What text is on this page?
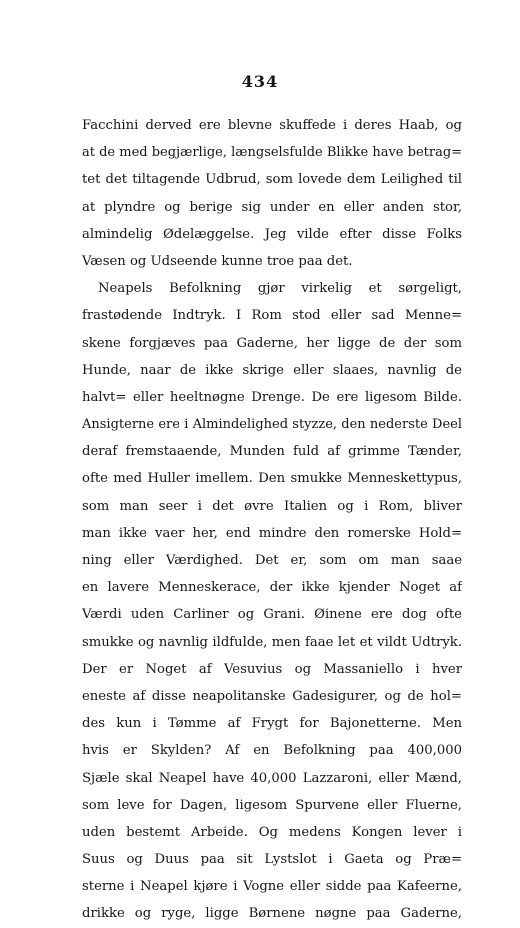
434
Facchini derved ere blevne skuffede i deres Haab, og
at de med begjærlige, længselsfulde Blikke have betrag=
tet det tiltagende Udbrud, som lovede dem Leilighed til
at plyndre og berige sig under en eller anden stor,
almindelig Ødelæggelse. Jeg vilde efter disse Folks
Væsen og Udseende kunne troe paa det.
Neapels Befolkning gjør virkelig et sørgeligt,
frastødende Indtryk. I Rom stod eller sad Menne=
skene forgjæves paa Gaderne, her ligge de der som
Hunde, naar de ikke skrige eller slaaes, navnlig de
halvt= eller heeltnøgne Drenge. De ere ligesom Bilde.
Ansigterne ere i Almindelighed styzze, den nederste Deel
deraf fremstaaende, Munden fuld af grimme Tænder,
ofte med Huller imellem. Den smukke Menneskettypus,
som man seer i det øvre Italien og i Rom, bliver
man ikke vaer her, end mindre den romerske Hold=
ning eller Værdighed. Det er, som om man saae
en lavere Menneskerace, der ikke kjender Noget af
Værdi uden Carliner og Grani. Øinene ere dog ofte
smukke og navnlig ildfulde, men faae let et vildt Udtryk.
Der er Noget af Vesuvius og Massaniello i hver
eneste af disse neapolitanske Gadesigurer, og de hol=
des kun i Tømme af Frygt for Bajonetterne. Men
hvis er Skylden? Af en Befolkning paa 400,000
Sjæle skal Neapel have 40,000 Lazzaroni, eller Mænd,
som leve for Dagen, ligesom Spurvene eller Fluerne,
uden bestemt Arbeide. Og medens Kongen lever i
Suus og Duus paa sit Lystslot i Gaeta og Præ=
sterne i Neapel kjøre i Vogne eller sidde paa Kafeerne,
drikke og ryge, ligge Børnene nøgne paa Gaderne,
